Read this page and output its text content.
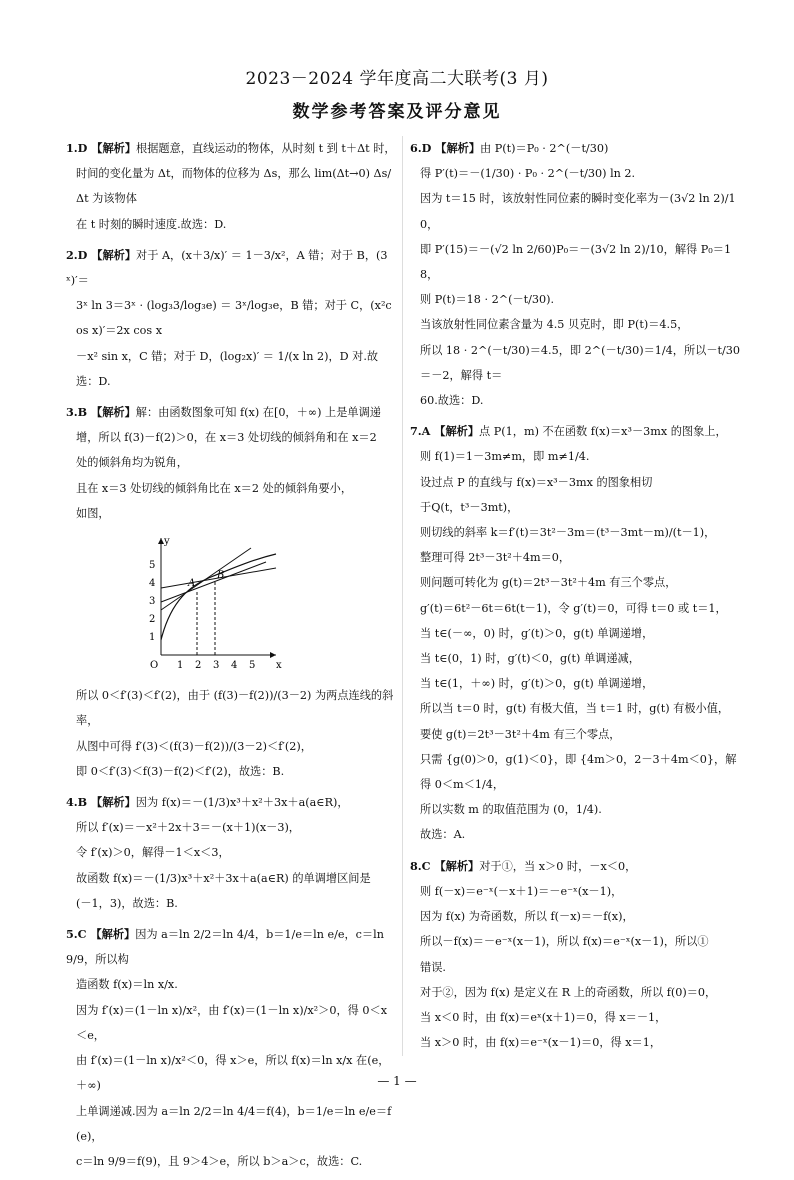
2023－2024 学年度高二大联考(3 月)
数学参考答案及评分意见

1.D 【解析】根据题意，直线运动的物体，从时刻 t 到 t＋Δt 时，

时间的变化量为 Δt，而物体的位移为 Δs，那么 lim(Δt→0) Δs/Δt 为该物体

在 t 时刻的瞬时速度.故选：D.

2.D 【解析】对于 A，(x＋3/x)′ ＝ 1－3/x²，A 错；对于 B，(3ˣ)′＝

3ˣ ln 3＝3ˣ · (log₃3/log₃e) ＝ 3ˣ/log₃e，B 错；对于 C，(x²cos x)′＝2x cos x

－x² sin x，C 错；对于 D，(log₂x)′ ＝ 1/(x ln 2)，D 对.故选：D.

3.B 【解析】解：由函数图象可知 f(x) 在[0，＋∞) 上是单调递

增，所以 f(3)－f(2)＞0，在 x＝3 处切线的倾斜角和在 x＝2

处的倾斜角均为锐角，

且在 x＝3 处切线的倾斜角比在 x＝2 处的倾斜角要小，

如图，

y
x
O 1 2 3 4 5
1
2
3
4
5
A
B

所以 0＜f′(3)＜f′(2)，由于 (f(3)－f(2))/(3－2) 为两点连线的斜率，

从图中可得 f′(3)＜(f(3)－f(2))/(3－2)＜f′(2)，

即 0＜f′(3)＜f(3)－f(2)＜f′(2)，故选：B.

4.B 【解析】因为 f(x)＝－(1/3)x³＋x²＋3x＋a(a∈R)，

所以 f′(x)＝－x²＋2x＋3＝－(x＋1)(x－3)，

令 f′(x)＞0，解得－1＜x＜3，

故函数 f(x)＝－(1/3)x³＋x²＋3x＋a(a∈R) 的单调增区间是

(－1，3)，故选：B.

5.C 【解析】因为 a＝ln 2/2＝ln 4/4，b＝1/e＝ln e/e，c＝ln 9/9，所以构

造函数 f(x)＝ln x/x.

因为 f′(x)＝(1－ln x)/x²，由 f′(x)＝(1－ln x)/x²＞0，得 0＜x＜e，

由 f′(x)＝(1－ln x)/x²＜0，得 x＞e，所以 f(x)＝ln x/x 在(e，＋∞)

上单调递减.因为 a＝ln 2/2＝ln 4/4＝f(4)，b＝1/e＝ln e/e＝f(e)，

c＝ln 9/9＝f(9)，且 9＞4＞e，所以 b＞a＞c，故选：C.

6.D 【解析】由 P(t)＝P₀ · 2^(－t/30)

得 P′(t)＝－(1/30) · P₀ · 2^(－t/30) ln 2.

因为 t＝15 时，该放射性同位素的瞬时变化率为－(3√2 ln 2)/10，

即 P′(15)＝－(√2 ln 2/60)P₀＝－(3√2 ln 2)/10，解得 P₀＝18，

则 P(t)＝18 · 2^(－t/30).

当该放射性同位素含量为 4.5 贝克时，即 P(t)＝4.5，

所以 18 · 2^(－t/30)＝4.5，即 2^(－t/30)＝1/4，所以－t/30＝－2，解得 t＝

60.故选：D.

7.A 【解析】点 P(1，m) 不在函数 f(x)＝x³－3mx 的图象上，

则 f(1)＝1－3m≠m，即 m≠1/4.

设过点 P 的直线与 f(x)＝x³－3mx 的图象相切

于Q(t，t³－3mt)，

则切线的斜率 k＝f′(t)＝3t²－3m＝(t³－3mt－m)/(t－1)，

整理可得 2t³－3t²＋4m＝0，

则问题可转化为 g(t)＝2t³－3t²＋4m 有三个零点，

g′(t)＝6t²－6t＝6t(t－1)，令 g′(t)＝0，可得 t＝0 或 t＝1，

当 t∈(－∞，0) 时，g′(t)＞0，g(t) 单调递增，

当 t∈(0，1) 时，g′(t)＜0，g(t) 单调递减，

当 t∈(1，＋∞) 时，g′(t)＞0，g(t) 单调递增，

所以当 t＝0 时，g(t) 有极大值，当 t＝1 时，g(t) 有极小值，

要使 g(t)＝2t³－3t²＋4m 有三个零点，

只需 {g(0)＞0，g(1)＜0}，即 {4m＞0，2－3＋4m＜0}，解得 0＜m＜1/4，

所以实数 m 的取值范围为 (0，1/4).

故选：A.

8.C 【解析】对于①，当 x＞0 时，－x＜0，

则 f(－x)＝e⁻ˣ(－x＋1)＝－e⁻ˣ(x－1)，

因为 f(x) 为奇函数，所以 f(－x)＝－f(x)，

所以－f(x)＝－e⁻ˣ(x－1)，所以 f(x)＝e⁻ˣ(x－1)，所以①

错误.

对于②，因为 f(x) 是定义在 R 上的奇函数，所以 f(0)＝0，

当 x＜0 时，由 f(x)＝eˣ(x＋1)＝0，得 x＝－1，

当 x＞0 时，由 f(x)＝e⁻ˣ(x－1)＝0，得 x＝1，

— 1 —
